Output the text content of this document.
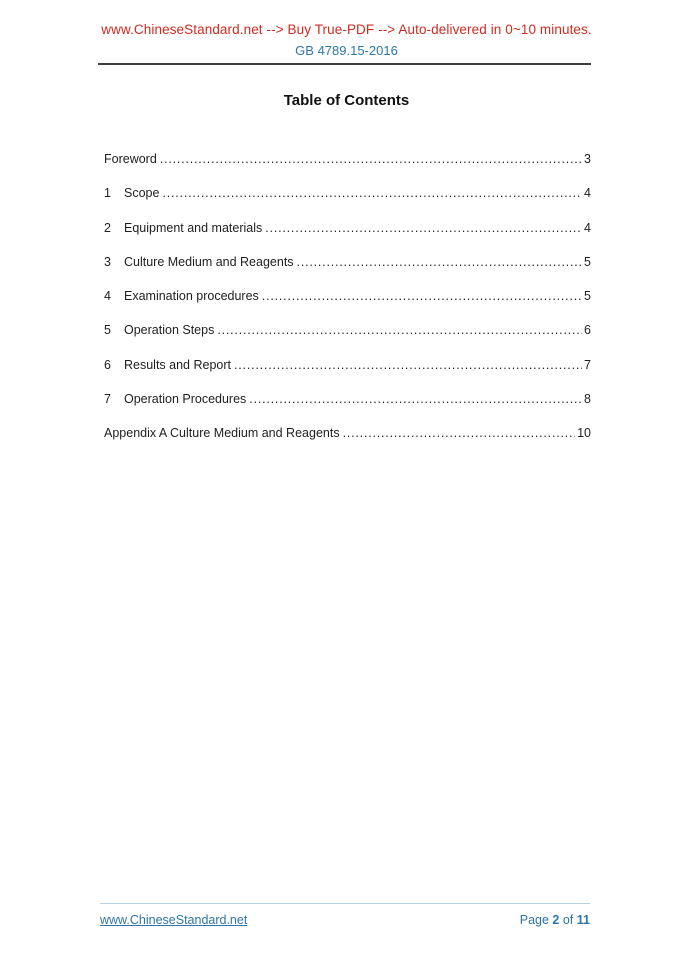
www.ChineseStandard.net --> Buy True-PDF --> Auto-delivered in 0~10 minutes.
GB 4789.15-2016
Table of Contents
Foreword .....	3
1	Scope .....	4
2	Equipment and materials .....	4
3	Culture Medium and Reagents .....	5
4	Examination procedures .....	5
5	Operation Steps .....	6
6	Results and Report .....	7
7	Operation Procedures .....	8
Appendix A Culture Medium and Reagents .....	10
www.ChineseStandard.net	Page 2 of 11
